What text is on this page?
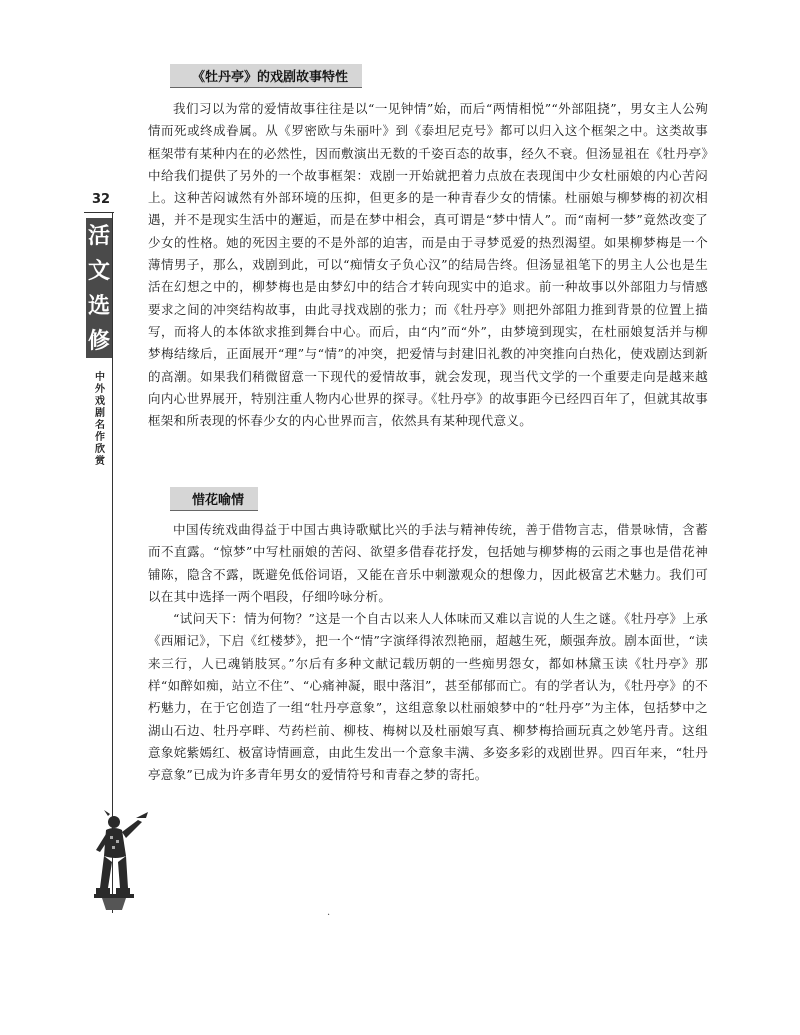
32
活
文
选
修
中
外
戏
剧
名
作
欣
赏
《牡丹亭》的戏剧故事特性

我们习以为常的爱情故事往往是以“一见钟情”始，而后“两情相悦”“外部阻挠”，男女主人公殉情而死或终成眷属。从《罗密欧与朱丽叶》到《泰坦尼克号》都可以归入这个框架之中。这类故事框架带有某种内在的必然性，因而敷演出无数的千姿百态的故事，经久不衰。但汤显祖在《牡丹亭》中给我们提供了另外的一个故事框架：戏剧一开始就把着力点放在表现闺中少女杜丽娘的内心苦闷上。这种苦闷诚然有外部环境的压抑，但更多的是一种青春少女的情愫。杜丽娘与柳梦梅的初次相遇，并不是现实生活中的邂逅，而是在梦中相会，真可谓是“梦中情人”。而“南柯一梦”竟然改变了少女的性格。她的死因主要的不是外部的迫害，而是由于寻梦觅爱的热烈渴望。如果柳梦梅是一个薄情男子，那么，戏剧到此，可以“痴情女子负心汉”的结局告终。但汤显祖笔下的男主人公也是生活在幻想之中的，柳梦梅也是由梦幻中的结合才转向现实中的追求。前一种故事以外部阻力与情感要求之间的冲突结构故事，由此寻找戏剧的张力；而《牡丹亭》则把外部阻力推到背景的位置上描写，而将人的本体欲求推到舞台中心。而后，由“内”而“外”，由梦境到现实，在杜丽娘复活并与柳梦梅结缘后，正面展开“理”与“情”的冲突，把爱情与封建旧礼教的冲突推向白热化，使戏剧达到新的高潮。如果我们稍微留意一下现代的爱情故事，就会发现，现当代文学的一个重要走向是越来越向内心世界展开，特别注重人物内心世界的探寻。《牡丹亭》的故事距今已经四百年了，但就其故事框架和所表现的怀春少女的内心世界而言，依然具有某种现代意义。

惜花喻情

中国传统戏曲得益于中国古典诗歌赋比兴的手法与精神传统，善于借物言志，借景咏情，含蓄而不直露。“惊梦”中写杜丽娘的苦闷、欲望多借春花抒发，包括她与柳梦梅的云雨之事也是借花神铺陈，隐含不露，既避免低俗词语，又能在音乐中刺激观众的想像力，因此极富艺术魅力。我们可以在其中选择一两个唱段，仔细吟咏分析。

“试问天下：情为何物？”这是一个自古以来人人体味而又难以言说的人生之谜。《牡丹亭》上承《西厢记》，下启《红楼梦》，把一个“情”字演绎得浓烈艳丽，超越生死，颇强奔放。剧本面世，“读来三行，人已魂销肢冥。”尔后有多种文献记载历朝的一些痴男怨女，都如林黛玉读《牡丹亭》那样“如醉如痴，站立不住”、“心痛神凝，眼中落泪”，甚至郁郁而亡。有的学者认为，《牡丹亭》的不朽魅力，在于它创造了一组“牡丹亭意象”，这组意象以杜丽娘梦中的“牡丹亭”为主体，包括梦中之湖山石边、牡丹亭畔、芍药栏前、柳枝、梅树以及杜丽娘写真、柳梦梅拾画玩真之妙笔丹青。这组意象姹紫嫣红、极富诗情画意，由此生发出一个意象丰满、多姿多彩的戏剧世界。四百年来，“牡丹亭意象”已成为许多青年男女的爱情符号和青春之梦的寄托。

·
